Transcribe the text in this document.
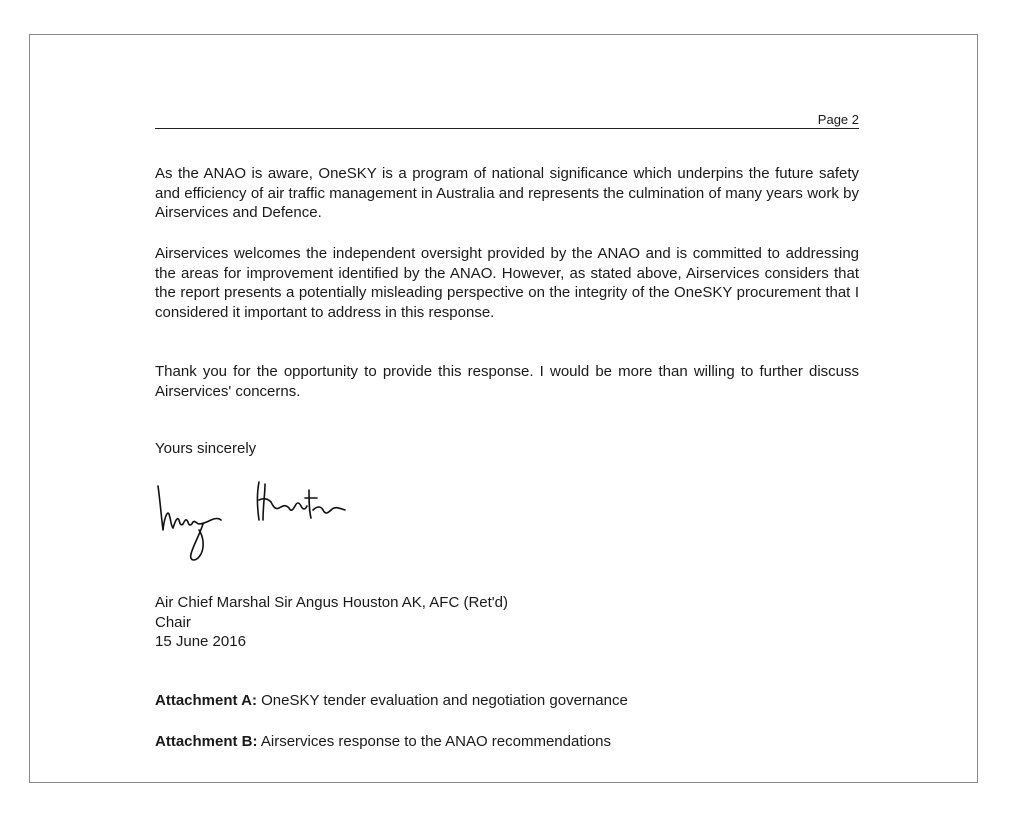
Page 2

As the ANAO is aware, OneSKY is a program of national significance which underpins the future safety and efficiency of air traffic management in Australia and represents the culmination of many years work by Airservices and Defence.

Airservices welcomes the independent oversight provided by the ANAO and is committed to addressing the areas for improvement identified by the ANAO. However, as stated above, Airservices considers that the report presents a potentially misleading perspective on the integrity of the OneSKY procurement that I considered it important to address in this response.

Thank you for the opportunity to provide this response. I would be more than willing to further discuss Airservices' concerns.

Yours sincerely

Air Chief Marshal Sir Angus Houston AK, AFC (Ret'd)
Chair
15 June 2016
Attachment A: OneSKY tender evaluation and negotiation governance
Attachment B: Airservices response to the ANAO recommendations
